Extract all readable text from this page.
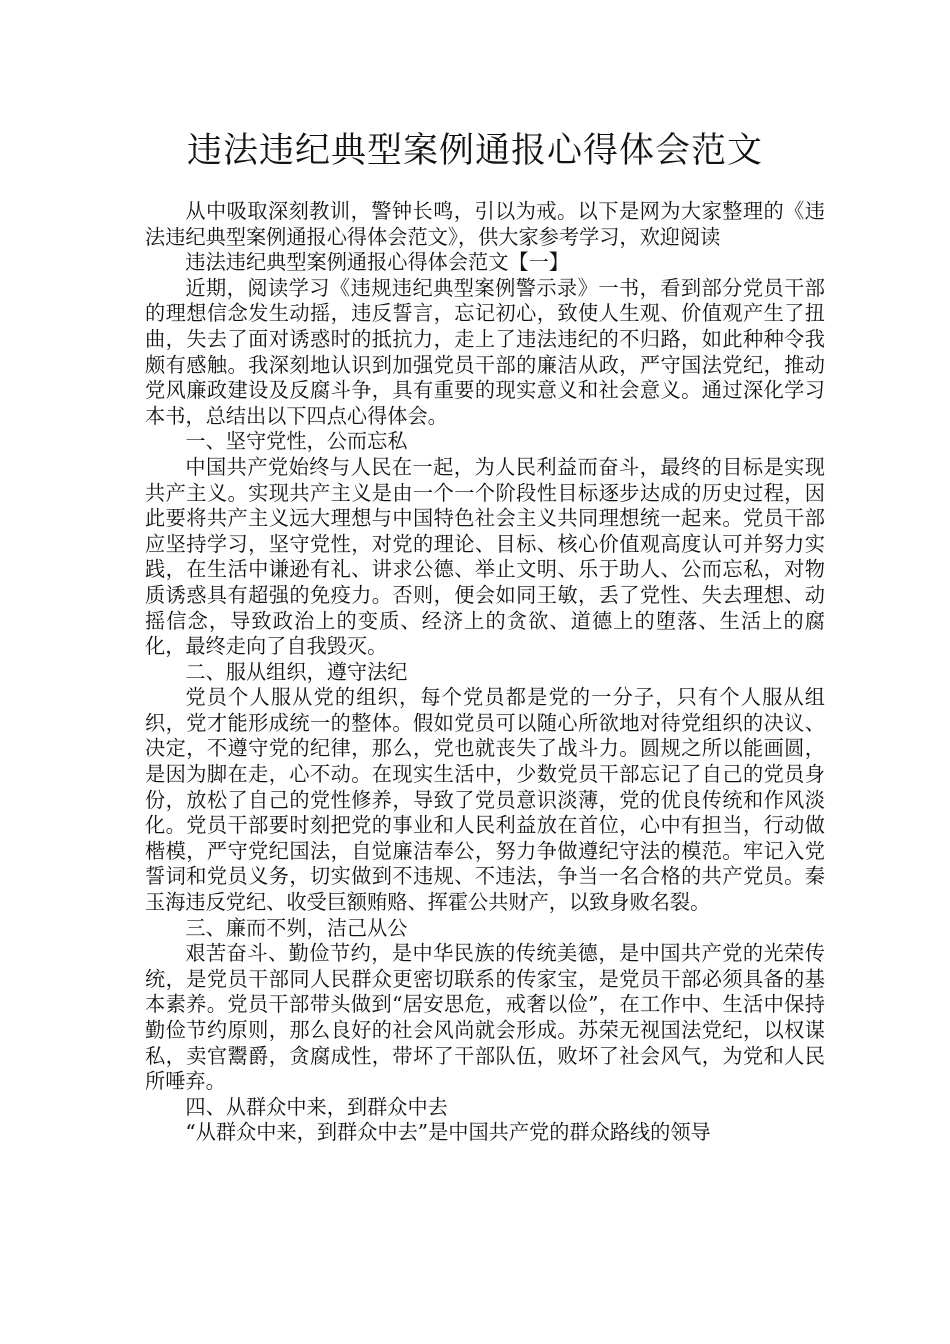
违法违纪典型案例通报心得体会范文

从中吸取深刻教训，警钟长鸣，引以为戒。以下是网为大家整理的《违法违纪典型案例通报心得体会范文》，供大家参考学习，欢迎阅读

违法违纪典型案例通报心得体会范文【一】

近期，阅读学习《违规违纪典型案例警示录》一书，看到部分党员干部的理想信念发生动摇，违反誓言，忘记初心，致使人生观、价值观产生了扭曲，失去了面对诱惑时的抵抗力，走上了违法违纪的不归路，如此种种令我颇有感触。我深刻地认识到加强党员干部的廉洁从政，严守国法党纪，推动党风廉政建设及反腐斗争，具有重要的现实意义和社会意义。通过深化学习本书，总结出以下四点心得体会。

一、坚守党性，公而忘私

中国共产党始终与人民在一起，为人民利益而奋斗，最终的目标是实现共产主义。实现共产主义是由一个一个阶段性目标逐步达成的历史过程，因此要将共产主义远大理想与中国特色社会主义共同理想统一起来。党员干部应坚持学习，坚守党性，对党的理论、目标、核心价值观高度认可并努力实践，在生活中谦逊有礼、讲求公德、举止文明、乐于助人、公而忘私，对物质诱惑具有超强的免疫力。否则，便会如同王敏，丢了党性、失去理想、动摇信念，导致政治上的变质、经济上的贪欲、道德上的堕落、生活上的腐化，最终走向了自我毁灭。

二、服从组织，遵守法纪

党员个人服从党的组织，每个党员都是党的一分子，只有个人服从组织，党才能形成统一的整体。假如党员可以随心所欲地对待党组织的决议、决定，不遵守党的纪律，那么，党也就丧失了战斗力。圆规之所以能画圆，是因为脚在走，心不动。在现实生活中，少数党员干部忘记了自己的党员身份，放松了自己的党性修养，导致了党员意识淡薄，党的优良传统和作风淡化。党员干部要时刻把党的事业和人民利益放在首位，心中有担当，行动做楷模，严守党纪国法，自觉廉洁奉公，努力争做遵纪守法的模范。牢记入党誓词和党员义务，切实做到不违规、不违法，争当一名合格的共产党员。秦玉海违反党纪、收受巨额贿赂、挥霍公共财产，以致身败名裂。

三、廉而不刿，洁己从公

艰苦奋斗、勤俭节约，是中华民族的传统美德，是中国共产党的光荣传统，是党员干部同人民群众更密切联系的传家宝，是党员干部必须具备的基本素养。党员干部带头做到“居安思危，戒奢以俭”，在工作中、生活中保持勤俭节约原则，那么良好的社会风尚就会形成。苏荣无视国法党纪，以权谋私，卖官鬻爵，贪腐成性，带坏了干部队伍，败坏了社会风气，为党和人民所唾弃。

四、从群众中来，到群众中去

“从群众中来，到群众中去”是中国共产党的群众路线的领导
